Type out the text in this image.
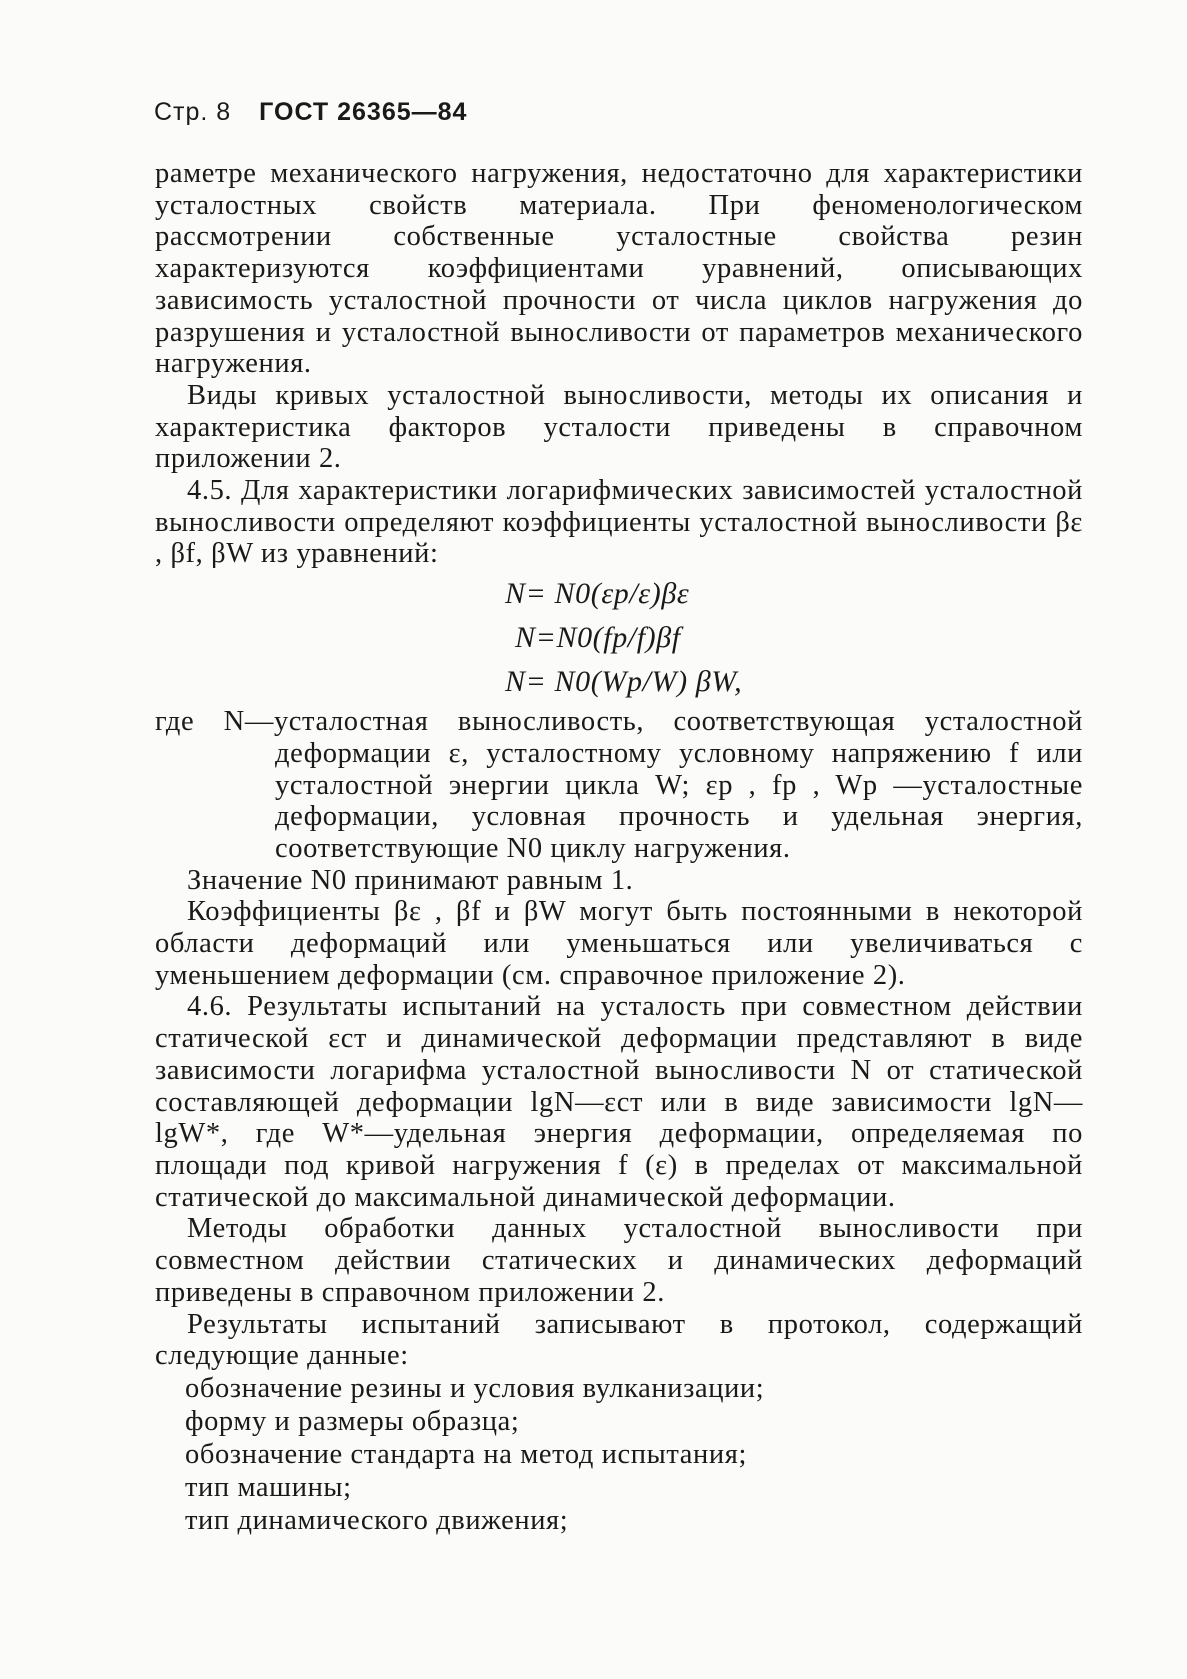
Стр. 8 ГОСТ 26365—84
раметре механического нагружения, недостаточно для характеристики усталостных свойств материала. При феноменологическом рассмотрении собственные усталостные свойства резин характеризуются коэффициентами уравнений, описывающих зависимость усталостной прочности от числа циклов нагружения до разрушения и усталостной выносливости от параметров механического нагружения.
Виды кривых усталостной выносливости, методы их описания и характеристика факторов усталости приведены в справочном приложении 2.
4.5. Для характеристики логарифмических зависимостей усталостной выносливости определяют коэффициенты усталостной выносливости βε , βf, βW из уравнений:
N= N0(εp/ε)βε
N=N0(fp/f)βf
N= N0(Wp/W) βW,
где N—усталостная выносливость, соответствующая усталостной деформации ε, усталостному условному напряжению f или усталостной энергии цикла W; εp , fp , Wp —усталостные деформации, условная прочность и удельная энергия, соответствующие N0 циклу нагружения.
Значение N0 принимают равным 1.
Коэффициенты βε , βf и βW могут быть постоянными в некоторой области деформаций или уменьшаться или увеличиваться с уменьшением деформации (см. справочное приложение 2).
4.6. Результаты испытаний на усталость при совместном действии статической εст и динамической деформации представляют в виде зависимости логарифма усталостной выносливости N от статической составляющей деформации lgN—εст или в виде зависимости lgN—lgW*, где W*—удельная энергия деформации, определяемая по площади под кривой нагружения f (ε) в пределах от максимальной статической до максимальной динамической деформации.
Методы обработки данных усталостной выносливости при совместном действии статических и динамических деформаций приведены в справочном приложении 2.
Результаты испытаний записывают в протокол, содержащий следующие данные:
обозначение резины и условия вулканизации;
форму и размеры образца;
обозначение стандарта на метод испытания;
тип машины;
тип динамического движения;
